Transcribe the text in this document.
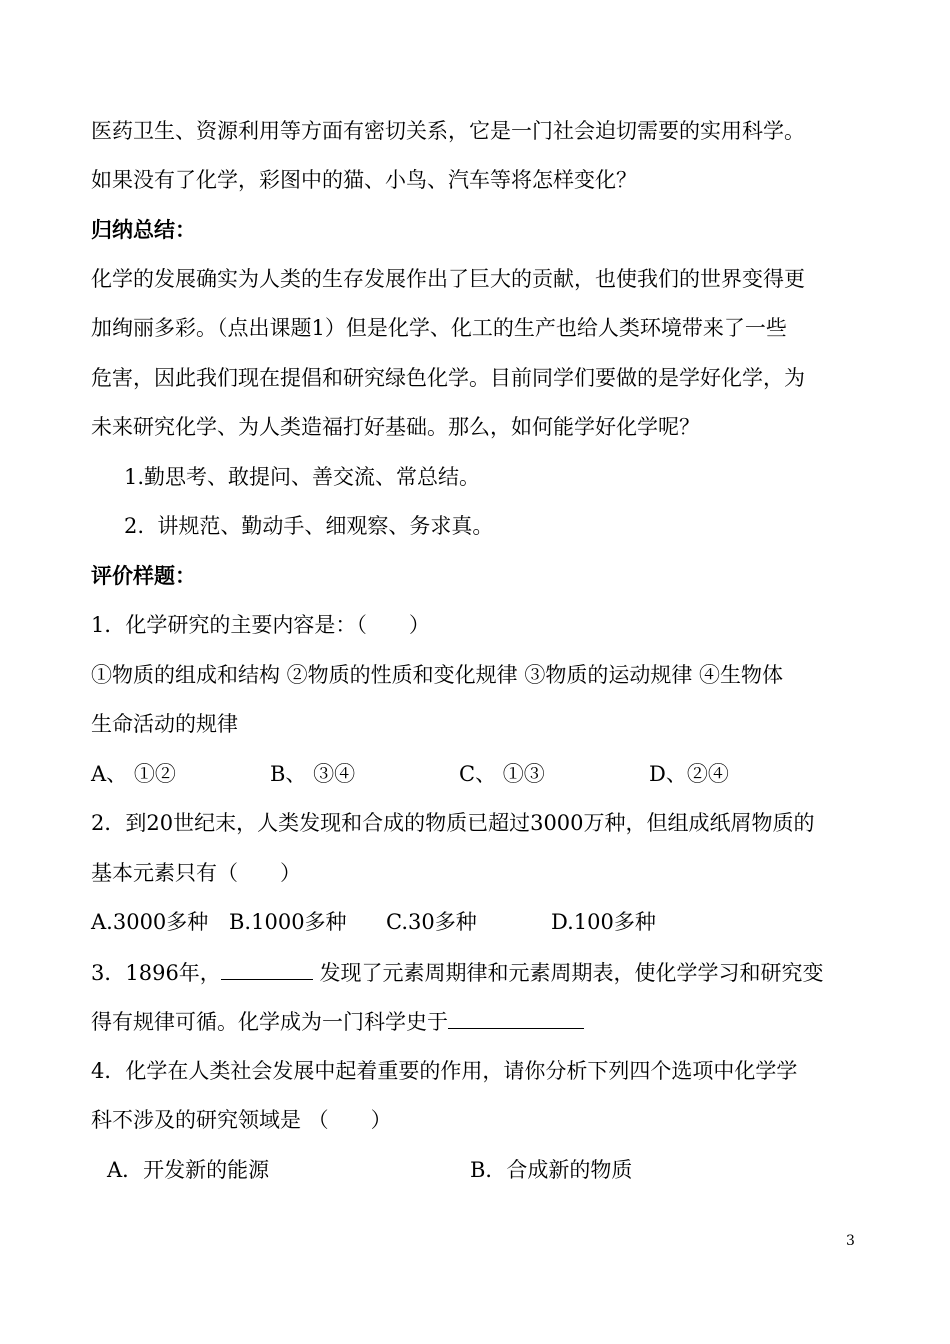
医药卫生、资源利用等方面有密切关系，它是一门社会迫切需要的实用科学。
如果没有了化学，彩图中的猫、小鸟、汽车等将怎样变化？
归纳总结：
化学的发展确实为人类的生存发展作出了巨大的贡献，也使我们的世界变得更
加绚丽多彩。（点出课题1）但是化学、化工的生产也给人类环境带来了一些
危害，因此我们现在提倡和研究绿色化学。目前同学们要做的是学好化学，为
未来研究化学、为人类造福打好基础。那么，如何能学好化学呢？
1.勤思考、敢提问、善交流、常总结。
2.  讲规范、勤动手、细观察、务求真。
评价样题：
1．化学研究的主要内容是：（　　）
①物质的组成和结构 ②物质的性质和变化规律 ③物质的运动规律 ④生物体
生命活动的规律
A、 ①②	B、 ③④	C、 ①③	D、②④
2．到20世纪末，人类发现和合成的物质已超过3000万种，但组成纸屑物质的
基本元素只有（　　）
A.3000多种 B.1000多种 C.30多种	D.100多种
3．1896年，	发现了元素周期律和元素周期表，使化学学习和研究变
得有规律可循。化学成为一门科学史于
4．化学在人类社会发展中起着重要的作用，请你分析下列四个选项中化学学
科不涉及的研究领域是 （　　）
A．开发新的能源	B．合成新的物质
3
